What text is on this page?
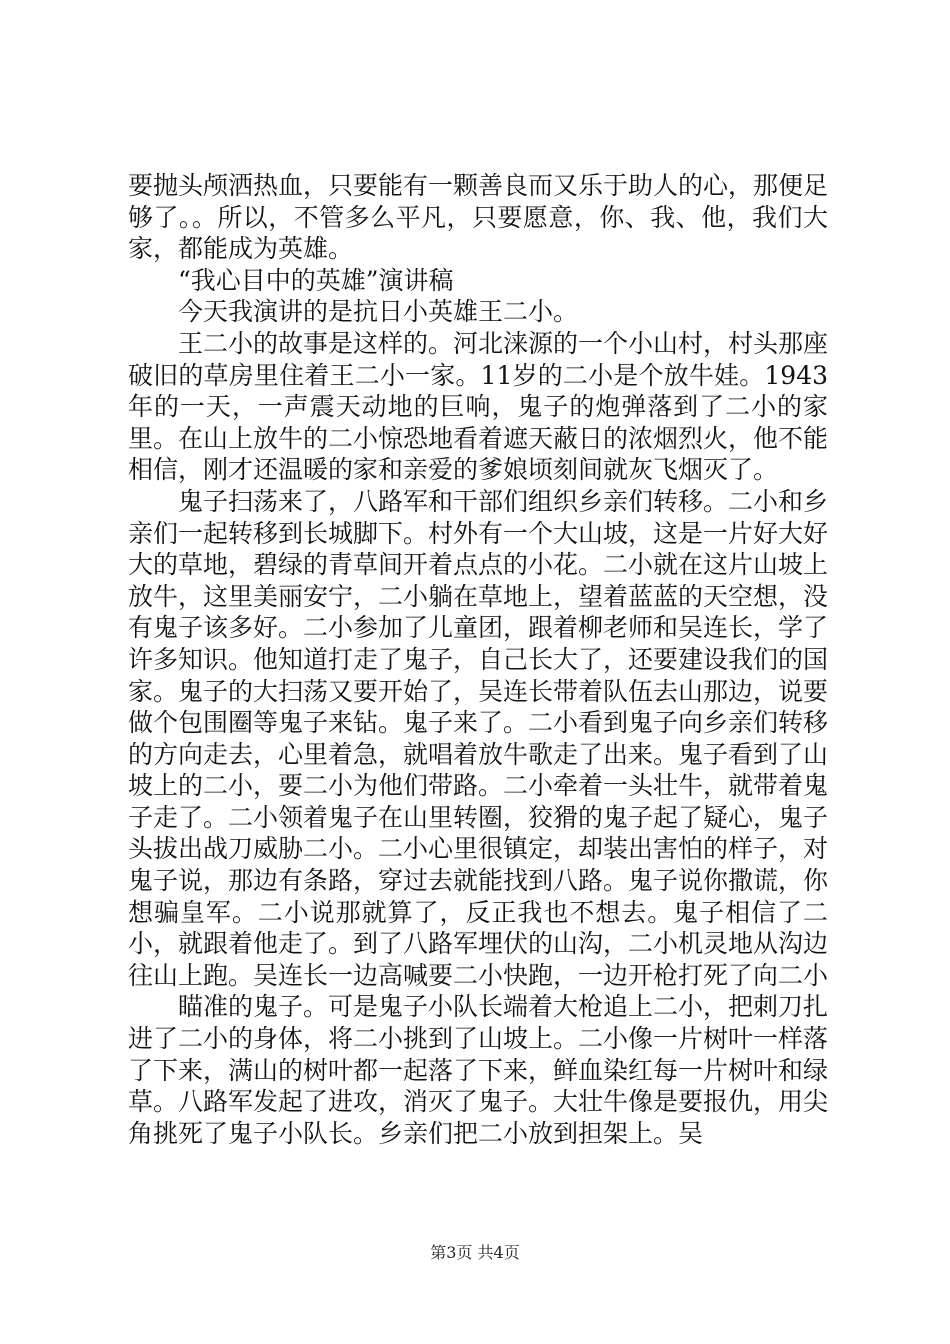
要抛头颅洒热血，只要能有一颗善良而又乐于助人的心，那便足够了。。所以，不管多么平凡，只要愿意，你、我、他，我们大家，都能成为英雄。

“我心目中的英雄”演讲稿

今天我演讲的是抗日小英雄王二小。

王二小的故事是这样的。河北涞源的一个小山村，村头那座破旧的草房里住着王二小一家。11岁的二小是个放牛娃。1943年的一天，一声震天动地的巨响，鬼子的炮弹落到了二小的家里。在山上放牛的二小惊恐地看着遮天蔽日的浓烟烈火，他不能相信，刚才还温暖的家和亲爱的爹娘顷刻间就灰飞烟灭了。

鬼子扫荡来了，八路军和干部们组织乡亲们转移。二小和乡亲们一起转移到长城脚下。村外有一个大山坡，这是一片好大好大的草地，碧绿的青草间开着点点的小花。二小就在这片山坡上放牛，这里美丽安宁，二小躺在草地上，望着蓝蓝的天空想，没有鬼子该多好。二小参加了儿童团，跟着柳老师和吴连长，学了许多知识。他知道打走了鬼子，自己长大了，还要建设我们的国家。鬼子的大扫荡又要开始了，吴连长带着队伍去山那边，说要做个包围圈等鬼子来钻。鬼子来了。二小看到鬼子向乡亲们转移的方向走去，心里着急，就唱着放牛歌走了出来。鬼子看到了山坡上的二小，要二小为他们带路。二小牵着一头壮牛，就带着鬼子走了。二小领着鬼子在山里转圈，狡猾的鬼子起了疑心，鬼子头拔出战刀威胁二小。二小心里很镇定，却装出害怕的样子，对鬼子说，那边有条路，穿过去就能找到八路。鬼子说你撒谎，你想骗皇军。二小说那就算了，反正我也不想去。鬼子相信了二小，就跟着他走了。到了八路军埋伏的山沟，二小机灵地从沟边往山上跑。吴连长一边高喊要二小快跑，一边开枪打死了向二小

瞄准的鬼子。可是鬼子小队长端着大枪追上二小，把刺刀扎进了二小的身体，将二小挑到了山坡上。二小像一片树叶一样落了下来，满山的树叶都一起落了下来，鲜血染红每一片树叶和绿草。八路军发起了进攻，消灭了鬼子。大壮牛像是要报仇，用尖角挑死了鬼子小队长。乡亲们把二小放到担架上。吴

第3页 共4页
